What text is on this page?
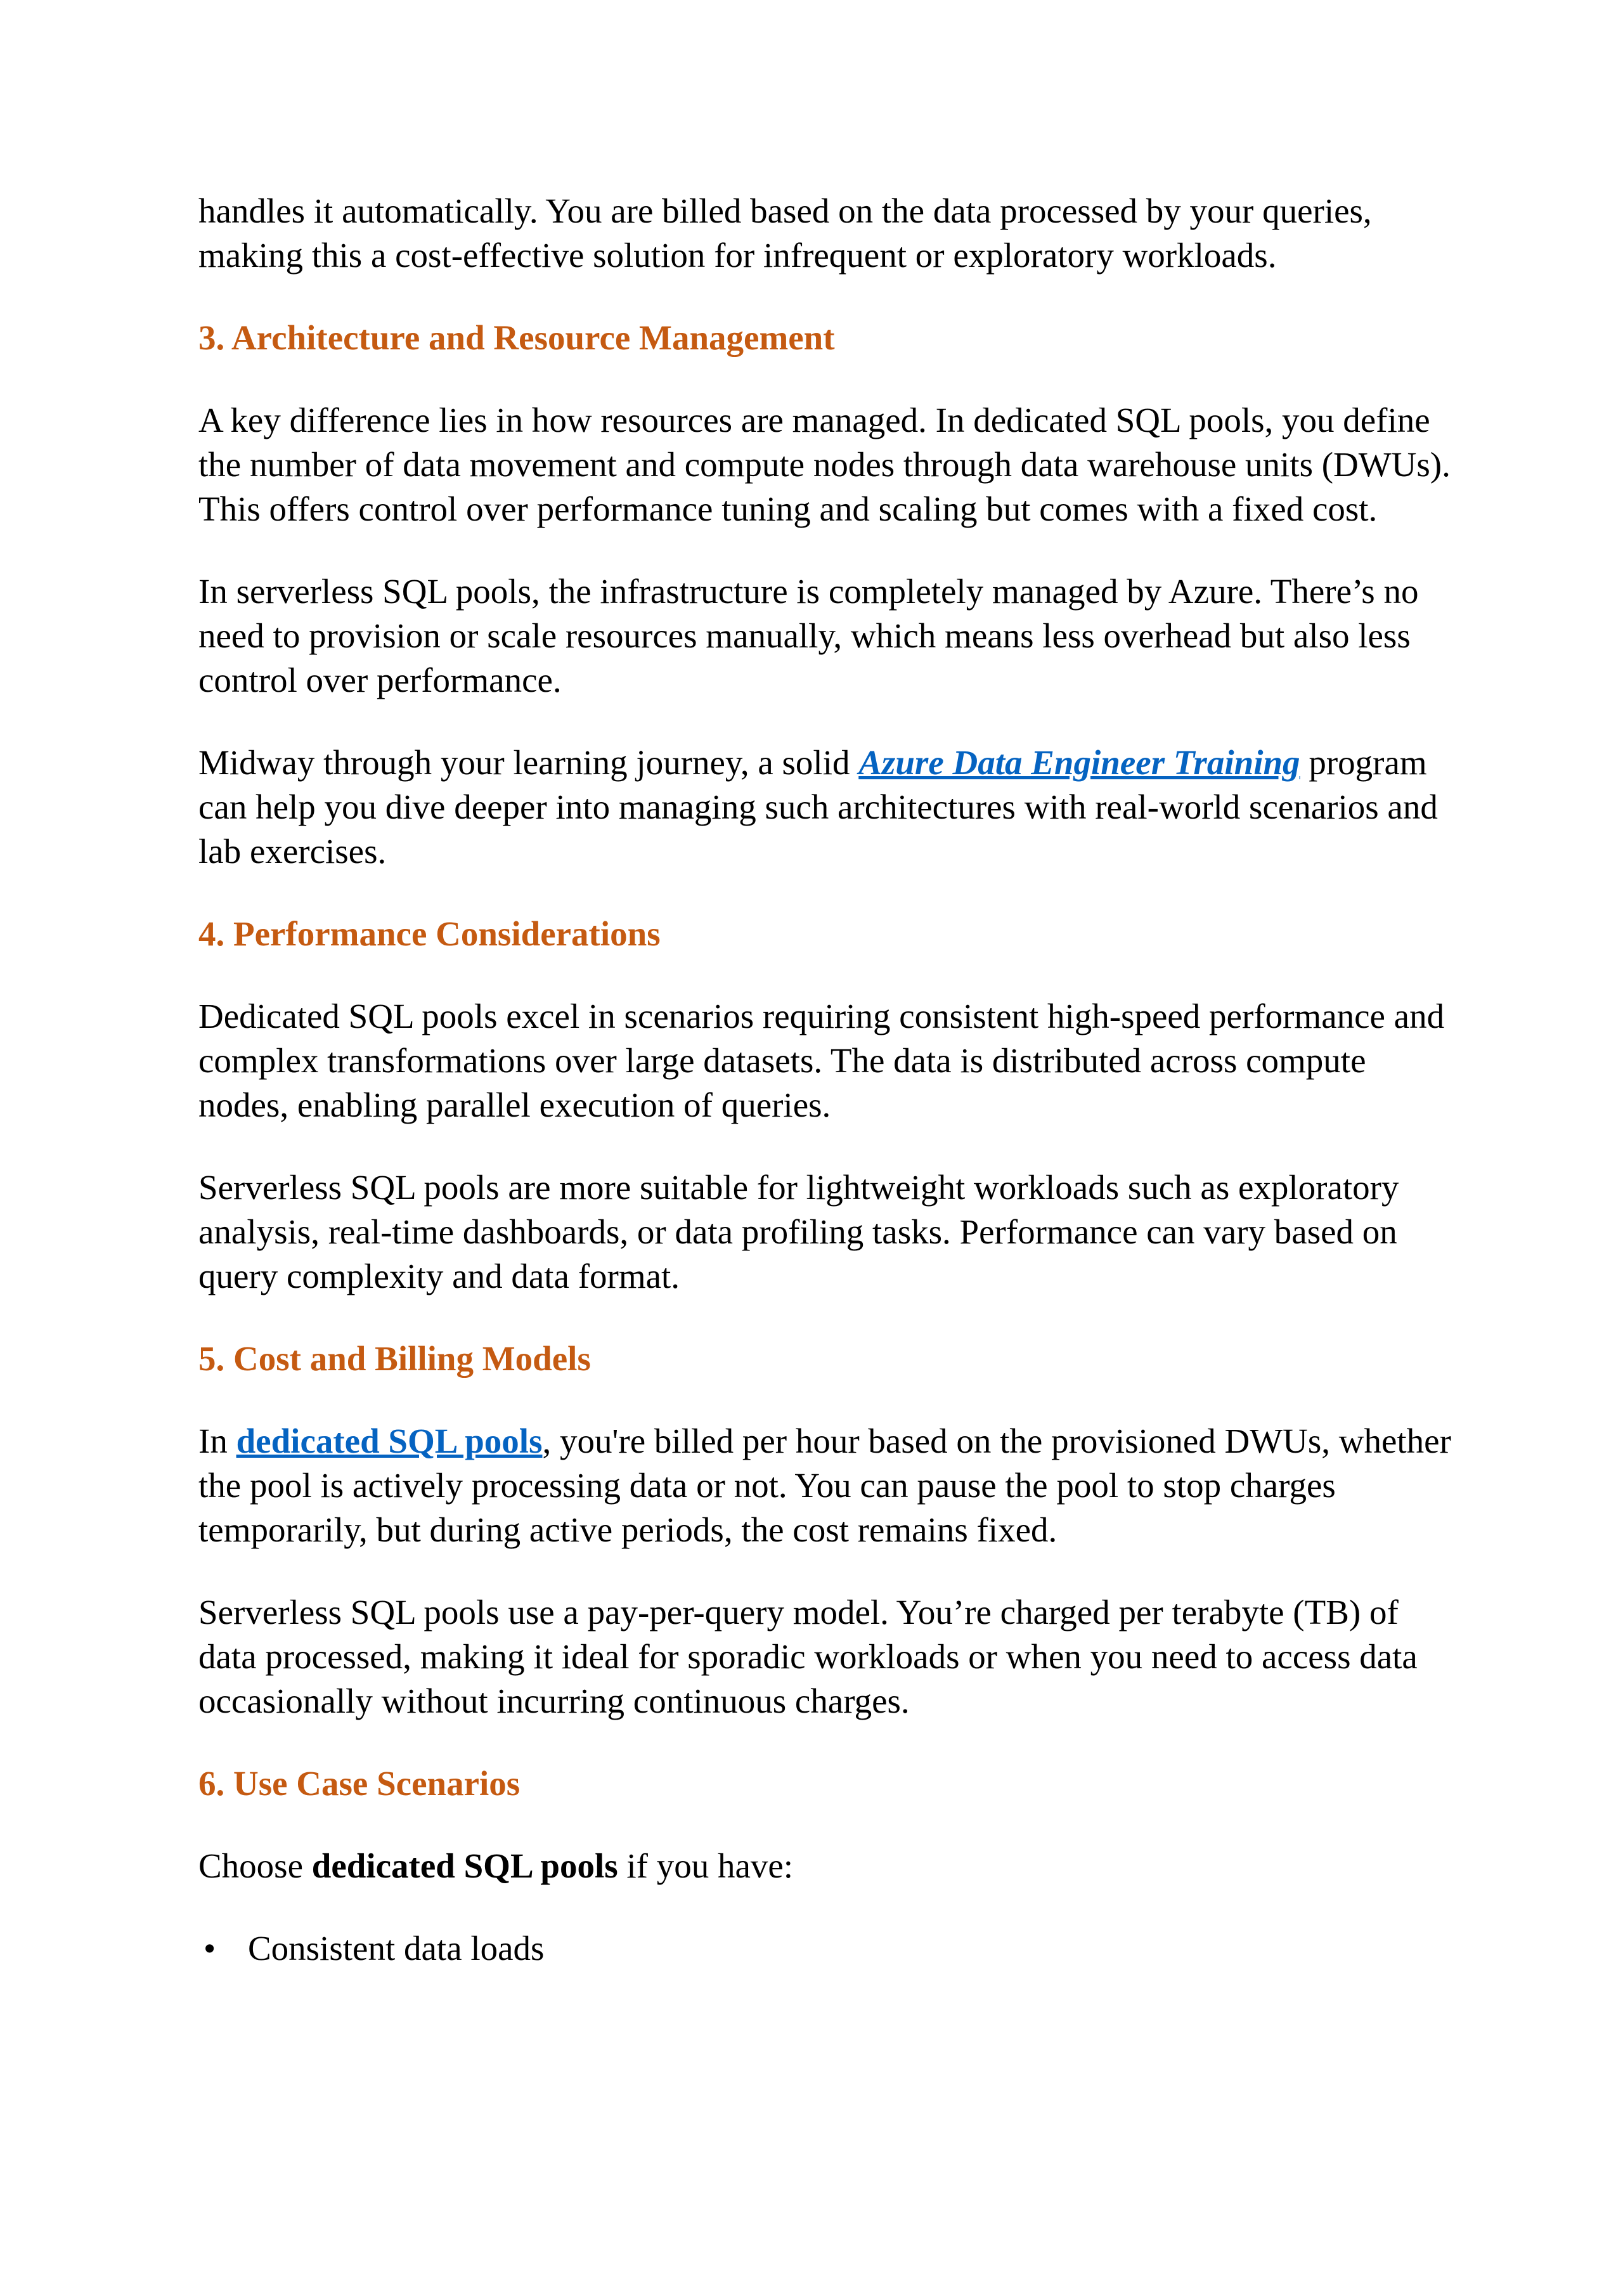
handles it automatically. You are billed based on the data processed by your queries, making this a cost-effective solution for infrequent or exploratory workloads.

3. Architecture and Resource Management

A key difference lies in how resources are managed. In dedicated SQL pools, you define the number of data movement and compute nodes through data warehouse units (DWUs). This offers control over performance tuning and scaling but comes with a fixed cost.

In serverless SQL pools, the infrastructure is completely managed by Azure. There’s no need to provision or scale resources manually, which means less overhead but also less control over performance.

Midway through your learning journey, a solid Azure Data Engineer Training program can help you dive deeper into managing such architectures with real-world scenarios and lab exercises.

4. Performance Considerations

Dedicated SQL pools excel in scenarios requiring consistent high-speed performance and complex transformations over large datasets. The data is distributed across compute nodes, enabling parallel execution of queries.

Serverless SQL pools are more suitable for lightweight workloads such as exploratory analysis, real-time dashboards, or data profiling tasks. Performance can vary based on query complexity and data format.

5. Cost and Billing Models

In dedicated SQL pools, you're billed per hour based on the provisioned DWUs, whether the pool is actively processing data or not. You can pause the pool to stop charges temporarily, but during active periods, the cost remains fixed.

Serverless SQL pools use a pay-per-query model. You’re charged per terabyte (TB) of data processed, making it ideal for sporadic workloads or when you need to access data occasionally without incurring continuous charges.

6. Use Case Scenarios

Choose dedicated SQL pools if you have:

• Consistent data loads
